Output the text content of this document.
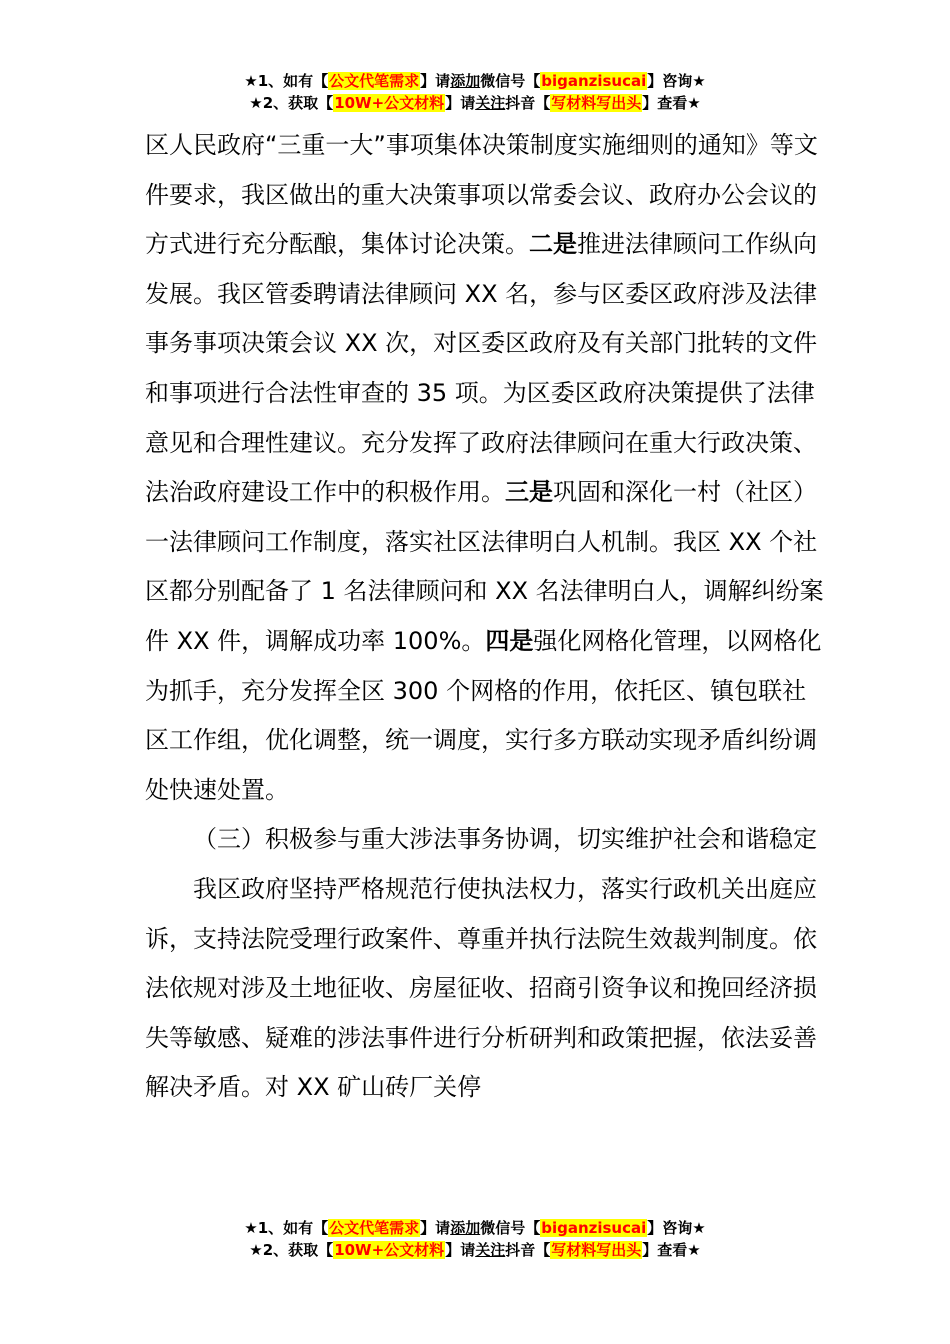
★1、如有【公文代笔需求】请添加微信号【biganzisucai】咨询★
★2、获取【10W+公文材料】请关注抖音【写材料写出头】查看★

区人民政府“三重一大”事项集体决策制度实施细则的通知》等文件要求，我区做出的重大决策事项以常委会议、政府办公会议的方式进行充分酝酿，集体讨论决策。二是推进法律顾问工作纵向发展。我区管委聘请法律顾问 XX 名，参与区委区政府涉及法律事务事项决策会议 XX 次，对区委区政府及有关部门批转的文件和事项进行合法性审查的 35 项。为区委区政府决策提供了法律意见和合理性建议。充分发挥了政府法律顾问在重大行政决策、法治政府建设工作中的积极作用。三是巩固和深化一村（社区）一法律顾问工作制度，落实社区法律明白人机制。我区 XX 个社区都分别配备了 1 名法律顾问和 XX 名法律明白人，调解纠纷案件 XX 件，调解成功率 100%。四是强化网格化管理，以网格化为抓手，充分发挥全区 300 个网格的作用，依托区、镇包联社区工作组，优化调整，统一调度，实行多方联动实现矛盾纠纷调处快速处置。

（三）积极参与重大涉法事务协调，切实维护社会和谐稳定

我区政府坚持严格规范行使执法权力，落实行政机关出庭应诉，支持法院受理行政案件、尊重并执行法院生效裁判制度。依法依规对涉及土地征收、房屋征收、招商引资争议和挽回经济损失等敏感、疑难的涉法事件进行分析研判和政策把握，依法妥善解决矛盾。对 XX 矿山砖厂关停

★1、如有【公文代笔需求】请添加微信号【biganzisucai】咨询★
★2、获取【10W+公文材料】请关注抖音【写材料写出头】查看★
